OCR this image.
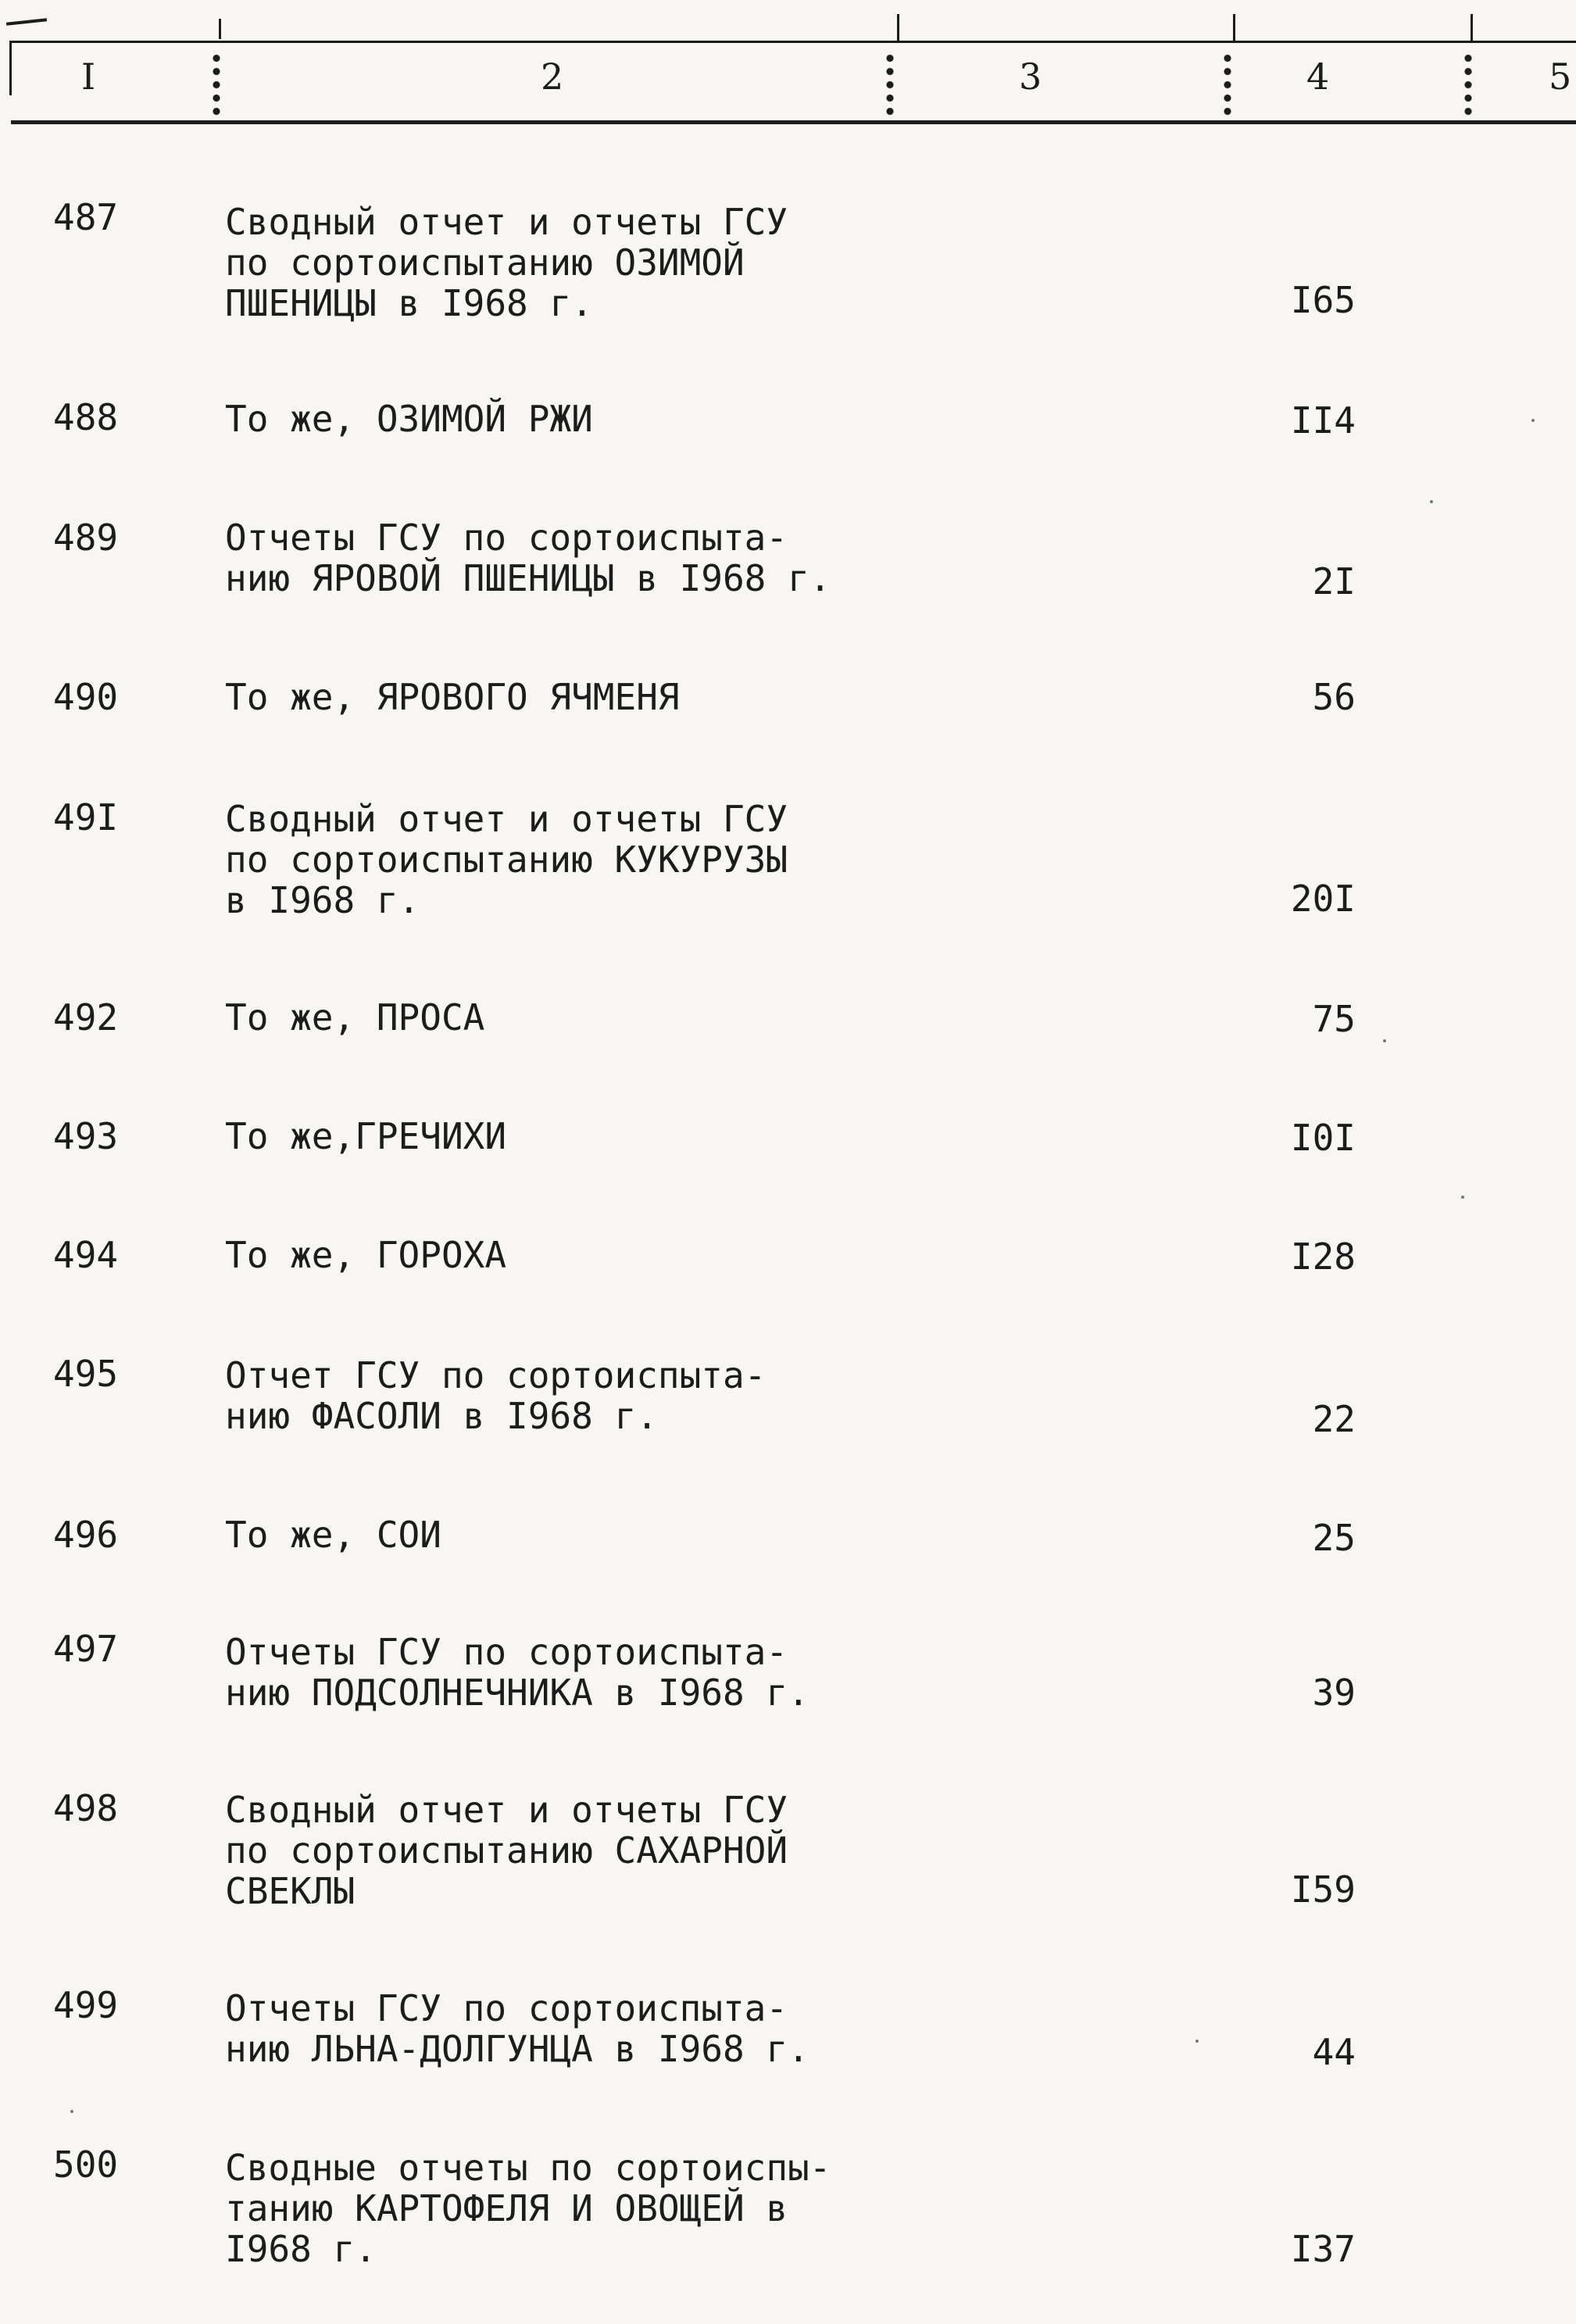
I	2	3	4	5
487	Сводный отчет и отчеты ГСУ
по сортоиспытанию ОЗИМОЙ
ПШЕНИЦЫ в I968 г.	I65
488	То же, ОЗИМОЙ РЖИ	II4
489	Отчеты ГСУ по сортоиспыта-
нию ЯРОВОЙ ПШЕНИЦЫ в I968 г.	2I
490	То же, ЯРОВОГО ЯЧМЕНЯ	56
49I	Сводный отчет и отчеты ГСУ
по сортоиспытанию КУКУРУЗЫ
в I968 г.	20I
492	То же, ПРОСА	75
493	То же,ГРЕЧИХИ	I0I
494	То же, ГОРОХА	I28
495	Отчет ГСУ по сортоиспыта-
нию ФАСОЛИ в I968 г.	22
496	То же, СОИ	25
497	Отчеты ГСУ по сортоиспыта-
нию ПОДСОЛНЕЧНИКА в I968 г.	39
498	Сводный отчет и отчеты ГСУ
по сортоиспытанию САХАРНОЙ
СВЕКЛЫ	I59
499	Отчеты ГСУ по сортоиспыта-
нию ЛЬНА-ДОЛГУНЦА в I968 г.	44
500	Сводные отчеты по сортоиспы-
танию КАРТОФЕЛЯ И ОВОЩЕЙ в
I968 г.	I37
